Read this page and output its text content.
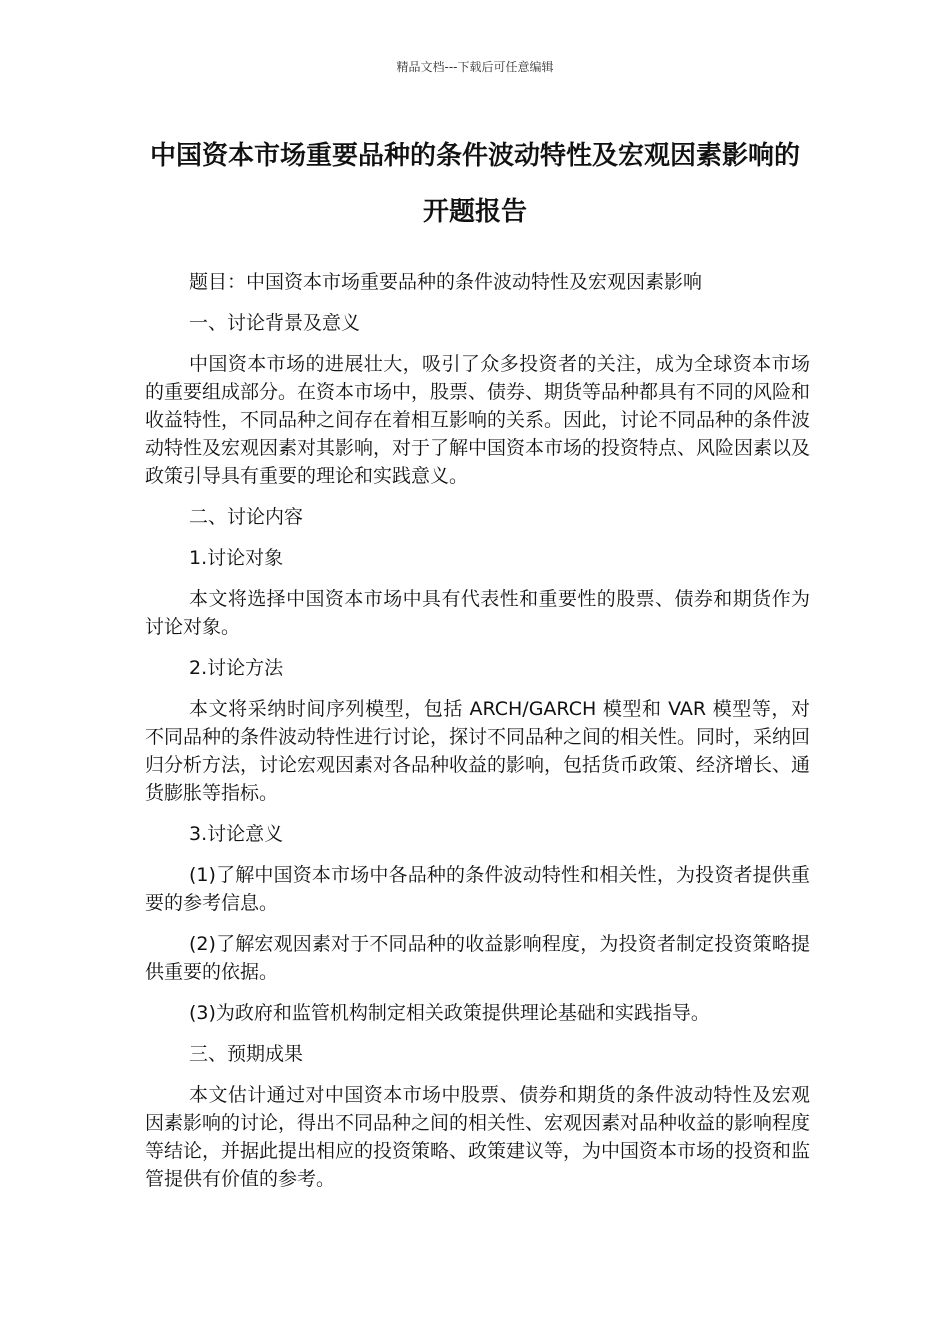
精品文档---下载后可任意编辑
中国资本市场重要品种的条件波动特性及宏观因素影响的开题报告

题目：中国资本市场重要品种的条件波动特性及宏观因素影响

一、讨论背景及意义

中国资本市场的进展壮大，吸引了众多投资者的关注，成为全球资本市场的重要组成部分。在资本市场中，股票、债券、期货等品种都具有不同的风险和收益特性，不同品种之间存在着相互影响的关系。因此，讨论不同品种的条件波动特性及宏观因素对其影响，对于了解中国资本市场的投资特点、风险因素以及政策引导具有重要的理论和实践意义。

二、讨论内容

1.讨论对象

本文将选择中国资本市场中具有代表性和重要性的股票、债券和期货作为讨论对象。

2.讨论方法

本文将采纳时间序列模型，包括 ARCH/GARCH 模型和 VAR 模型等，对不同品种的条件波动特性进行讨论，探讨不同品种之间的相关性。同时，采纳回归分析方法，讨论宏观因素对各品种收益的影响，包括货币政策、经济增长、通货膨胀等指标。

3.讨论意义

(1)了解中国资本市场中各品种的条件波动特性和相关性，为投资者提供重要的参考信息。

(2)了解宏观因素对于不同品种的收益影响程度，为投资者制定投资策略提供重要的依据。

(3)为政府和监管机构制定相关政策提供理论基础和实践指导。

三、预期成果

本文估计通过对中国资本市场中股票、债券和期货的条件波动特性及宏观因素影响的讨论，得出不同品种之间的相关性、宏观因素对品种收益的影响程度等结论，并据此提出相应的投资策略、政策建议等，为中国资本市场的投资和监管提供有价值的参考。
